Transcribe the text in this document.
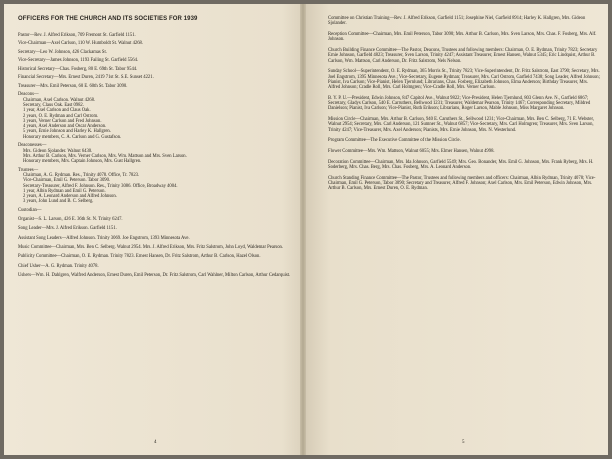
OFFICERS FOR THE CHURCH AND ITS SOCIETIES FOR 1939
Pastor—Rev. J. Alfred Erikson, 709 Fremont St. Garfield 1151.
Vice-Chairman—Axel Carlson, 110 W. Humboldt St. Walnut 4268.
Secretary—Leo W. Johnson, 426 Clackamas St.
Vice-Secretary—James Johnson, 1193 Failing St. Garfield 5564.
Historical Secretary—Chas. Fosberg, 80 E. 69th St. Tabor 9544.
Financial Secretary—Mrs. Ernest Duren, 2419 71st St. S.E. Sunset 4221.
Treasurer—Mrs. Emil Peterson, 60 E. 60th St. Tabor 3090.
Deacons—
Chairman, Axel Carlson. Walnut 4268.
Secretary, Claus Oak. East 0982.
1 year, Axel Carlson and Claus Oak.
2 years, O. E. Rydman and Carl Ostrom.
3 years, Verner Carlson and Fred Johnson.
4 years, Axel Anderson and Oscar Anderson.
5 years, Ernie Johnson and Harley K. Hallgren.
Honorary members, C. A. Carlson and G. Gustafson.
Deaconesses—
Mrs. Gideon Sjolander. Walnut 6430.
Mrs. Arthur B. Carlson, Mrs. Verner Carlson, Mrs. Wm. Mattson and Mrs. Sven Larson.
Honorary members, Mrs. Captain Johnson, Mrs. Gust Hallgren.
Trustees—
Chairman, A. G. Rydman. Res., Trinity 4078. Office, Tr. 7823.
Vice-Chairman, Emil G. Peterson. Tabor 3090.
Secretary-Treasurer, Alfred F. Johnson. Res., Trinity 3086. Office, Broadway 4004.
1 year, Albin Rydman and Emil G. Peterson.
2 years, A. Leonard Anderson and Alfred Johnson.
3 years, John Lund and B. C. Selberg.
Custodian—
Organist—S. L. Larson, 426 E. 36th St. N. Trinity 6247.
Song Leader—Mrs. J. Alfred Erikson. Garfield 1151.
Assistant Song Leaders—Alfred Johnson. Trinity 3069. Joe Engstrom, 1393 Minnesota Ave.
Music Committee—Chairman, Mrs. Ben C. Selberg. Walnut 2954. Mrs. J. Alfred Erikson, Mrs. Fritz Salstrom, John Loyd, Waldemar Pearson.
Publicity Committee—Chairman, O. E. Rydman. Trinity 7823. Ernest Hansen, Dr. Fritz Salstrom, Arthur B. Carlson, Hazel Olson.
Chief Usher—A. G. Rydman. Trinity 4078.
Ushers—Wm. H. Dahlgren, Walfred Anderson, Ernest Duren, Emil Peterson, Dr. Fritz Salstrom, Carl Wahlner, Milton Carlson, Arthur Cedarquist.
4
Committee on Christian Training—Rev. J. Alfred Erikson, Garfield 1151; Josephine Niel, Garfield 8914; Harley K. Hallgren, Mrs. Gideon Sjolander.
Reception Committee—Chairman, Mrs. Emil Peterson, Tabor 3090; Mrs. Arthur B. Carlson, Mrs. Sven Larson, Mrs. Chas. F. Fosberg, Mrs. Alf. Johnson.
Church Building Finance Committee—The Pastor, Deacons, Trustees and following members: Chairman, O. E. Rydman, Trinity 7823; Secretary Ernie Johnson, Garfield 4823; Treasurer, Sven Larson, Trinity 4247; Assistant Treasurer, Ernest Hansen, Walnut 5345; Eric Lindquist, Arthur B. Carlson, Wm. Mattson, Carl Anderson, Dr. Fritz Salstrom, Nels Nelson.
Sunday School—Superintendent, O. E. Rydman, 365 Morris St., Trinity 7823; Vice-Superintendent, Dr. Fritz Salstrom, East 3790; Secretary, Mrs. Joel Engstrom, 1395 Minnesota Ave.; Vice-Secretary, Eugene Rydman; Treasurer, Mrs. Carl Ostrom, Garfield 7438; Song Leader, Alfred Johnson; Pianist, Iva Carlson; Vice-Pianist, Helen Tjernlund; Librarians, Chas. Fosberg, Elizabeth Johnson, Elma Anderson; Birthday Treasurer, Mrs. Alfred Johnson; Cradle Roll, Mrs. Carl Holmgren; Vice-Cradle Roll, Mrs. Verner Carlson.
B. Y. P. U.—President, Edwin Johnson, 847 Capitol Ave., Walnut 9822; Vice-President, Helen Tjernlund, 803 Glenn Ave. N., Garfield 6867; Secretary, Gladys Carlson, 540 E. Carruthers, Bellwood 1231; Treasurer, Waldemar Pearson, Trinity 1467; Corresponding Secretary, Mildred Danielson; Pianist, Iva Carlson; Vice-Pianist, Ruth Erikson; Librarians, Roger Larson, Mable Johnson, Miss Margaret Johnson.
Mission Circle—Chairman, Mrs. Arthur B. Carlson, 940 E. Caruthers St., Sellwood 1231; Vice-Chairman, Mrs. Ben C. Selberg, 71 E. Webster, Walnut 2954; Secretary, Mrs. Carl Anderson, 121 Sumner St., Walnut 6857; Vice-Secretary, Mrs. Carl Holmgren; Treasurer, Mrs. Sven Larson, Trinity 4247; Vice-Treasurer, Mrs. Axel Anderson; Pianists, Mrs. Ernie Johnson, Mrs. N. Westerlund.
Program Committee—The Executive Committee of the Mission Circle.
Flower Committee—Mrs. Wm. Mattson, Walnut 6055; Mrs. Elmer Hansen, Walnut 4998.
Decoration Committee—Chairman, Mrs. Ida Johnson, Garfield 5549; Mrs. Geo. Bonander, Mrs. Emil G. Johnson, Mrs. Frank Ryberg, Mrs. H. Soderberg, Mrs. Chas. Berg, Mrs. Chas. Fosberg, Mrs. A. Leonard Anderson.
Church Standing Finance Committee—The Pastor, Trustees and following members and officers: Chairman, Albin Rydman, Trinity 4078; Vice-Chairman, Emil G. Peterson, Tabor 3090; Secretary and Treasurer, Alfred F. Johnson; Axel Carlson, Mrs. Emil Peterson, Edwin Johnson, Mrs. Arthur B. Carlson, Mrs. Ernest Duren, O. E. Rydman.
5
